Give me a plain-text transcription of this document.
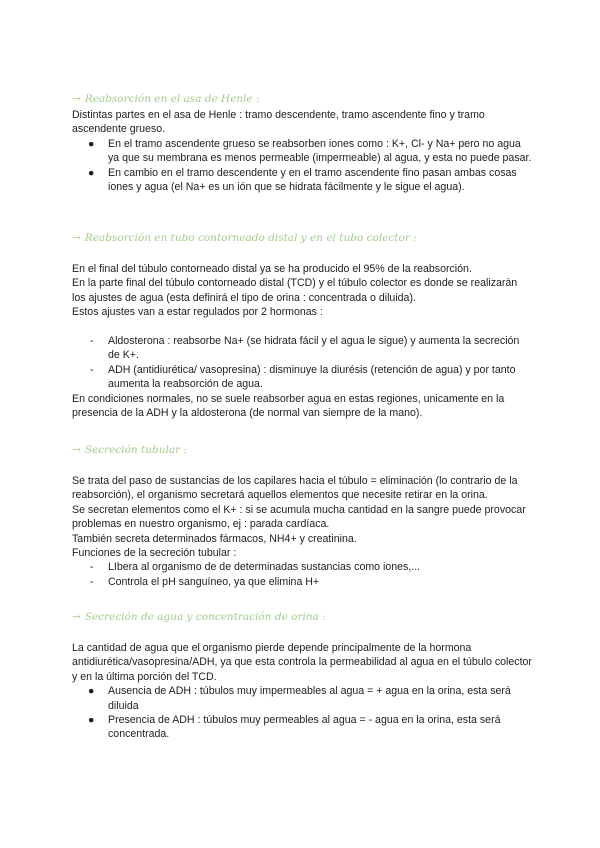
→ Reabsorción en el asa de Henle :

Distintas partes en el asa de Henle : tramo descendente, tramo ascendente fino y tramo ascendente grueso.

● En el tramo ascendente grueso se reabsorben iones como : K+, Cl- y Na+ pero no agua ya que su membrana es menos permeable (impermeable) al agua, y esta no puede pasar.
● En cambio en el tramo descendente y en el tramo ascendente fino pasan ambas cosas iones y agua (el Na+ es un ión que se hidrata fácilmente y le sigue el agua).
→ Reabsorción en tubo contorneado distal y en el tubo colector :

En el final del túbulo contorneado distal ya se ha producido el 95% de la reabsorción.

En la parte final del túbulo contorneado distal (TCD) y el túbulo colector es donde se realizarán los ajustes de agua (esta definirá el tipo de orina : concentrada o diluida).

Estos ajustes van a estar regulados por 2 hormonas :

- Aldosterona : reabsorbe Na+ (se hidrata fácil y el agua le sigue) y aumenta la secreción de K+.
- ADH (antidiurética/ vasopresina) : disminuye la diurésis (retención de agua) y por tanto aumenta la reabsorción de agua.

En condiciones normales, no se suele reabsorber agua en estas regiones, unicamente en la presencia de la ADH y la aldosterona (de normal van siempre de la mano).

→ Secreción tubular :

Se trata del paso de sustancias de los capilares hacia el túbulo = eliminación (lo contrario de la reabsorción), el organismo secretará aquellos elementos que necesite retirar en la orina.

Se secretan elementos como el K+ : si se acumula mucha cantidad en la sangre puede provocar problemas en nuestro organismo, ej : parada cardíaca.

También secreta determinados fármacos, NH4+ y creatinina.

Funciones de la secreción tubular :

- LIbera al organismo de de determinadas sustancias como iones,...
- Controla el pH sanguíneo, ya que elimina H+
→ Secreción de agua y concentración de orina :

La cantidad de agua que el organismo pierde depende principalmente de la hormona antidiurética/vasopresina/ADH, ya que esta controla la permeabilidad al agua en el túbulo colector y en la última porción del TCD.

● Ausencia de ADH : túbulos muy impermeables al agua = + agua en la orina, esta será diluida
● Presencia de ADH : túbulos muy permeables al agua = - agua en la orina, esta será concentrada.
